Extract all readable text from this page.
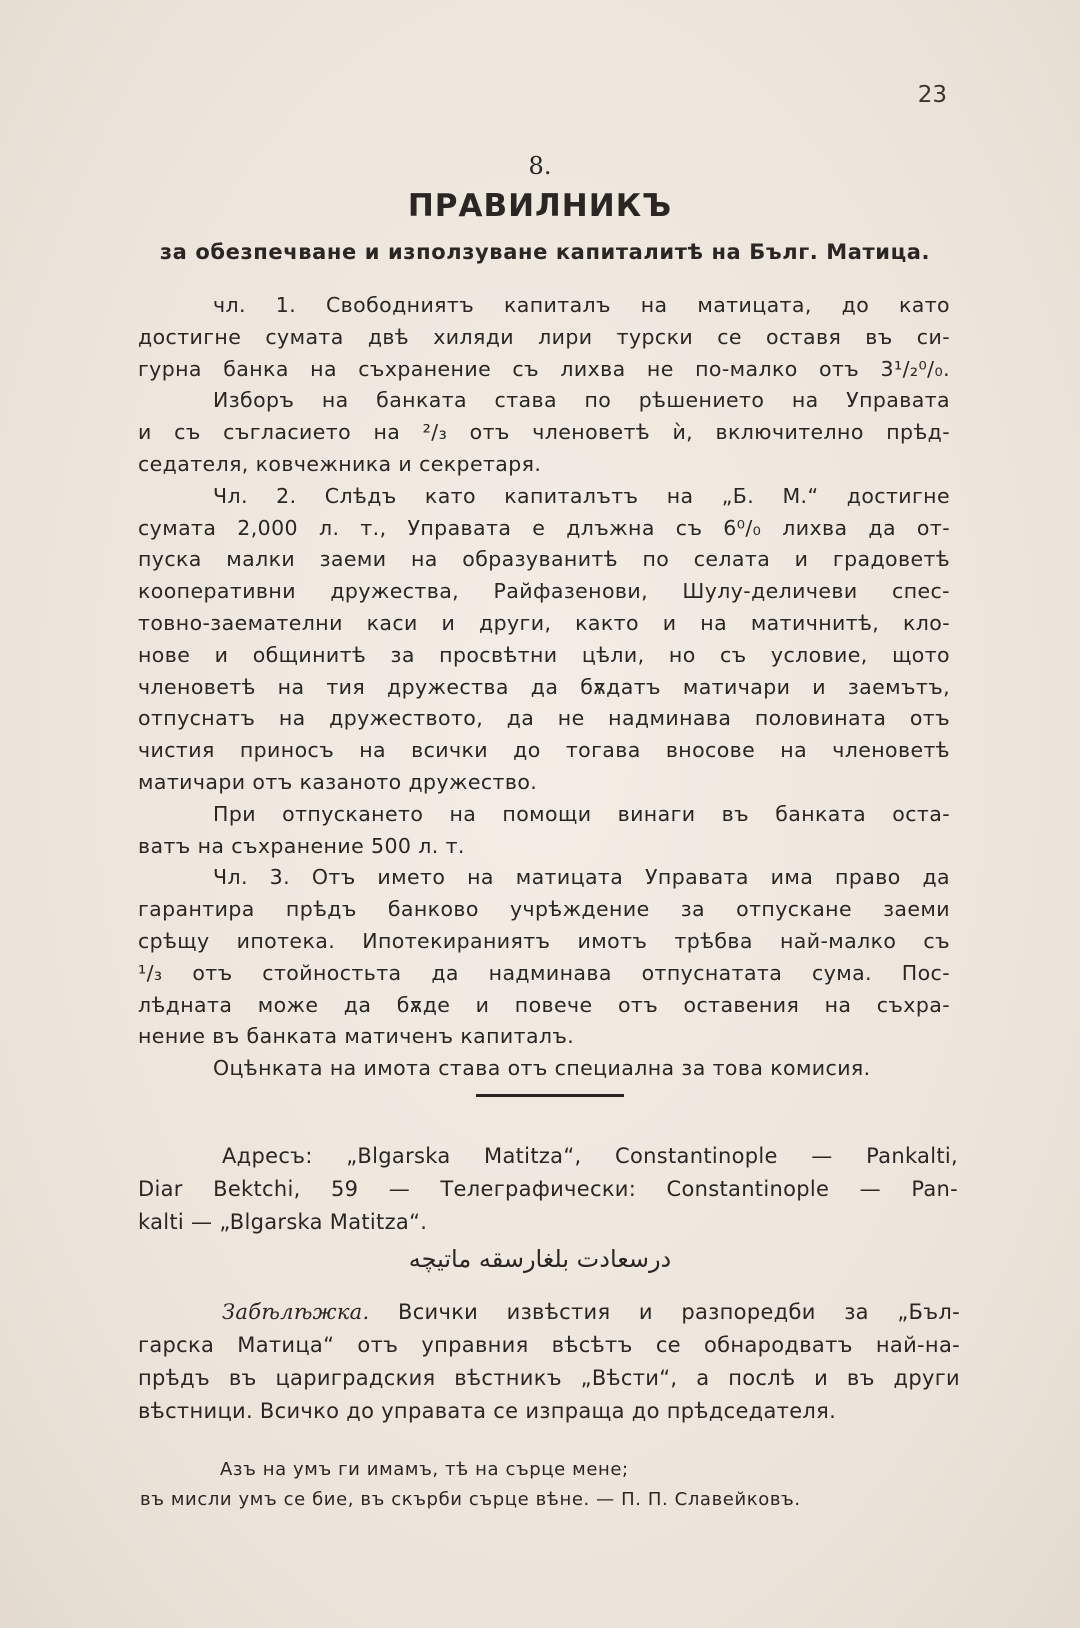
23
8.
ПРАВИЛНИКЪ
за обезпечване и използуване капиталитѣ на Бълг. Матица.
чл. 1. Свободниятъ капиталъ на матицата, до като
достигне сумата двѣ хиляди лири турски се оставя въ си-
гурна банка на съхранение съ лихва не по-малко отъ 3¹/₂⁰/₀.
Изборъ на банката става по рѣшението на Управата
и съ съгласието на ²/₃ отъ членоветѣ ѝ, включително прѣд-
седателя, ковчежника и секретаря.
Чл. 2. Слѣдъ като капиталътъ на „Б. М.“ достигне
сумата 2,000 л. т., Управата е длъжна съ 6⁰/₀ лихва да от-
пуска малки заеми на образуванитѣ по селата и градоветѣ
кооперативни дружества, Райфазенови, Шулу-деличеви спес-
товно-заемателни каси и други, както и на матичнитѣ, кло-
нове и общинитѣ за просвѣтни цѣли, но съ условие, щото
членоветѣ на тия дружества да бѫдатъ матичари и заемътъ,
отпуснатъ на дружеството, да не надминава половината отъ
чистия приносъ на всички до тогава вносове на членоветѣ
матичари отъ казаното дружество.
При отпускането на помощи винаги въ банката оста-
ватъ на съхранение 500 л. т.
Чл. 3. Отъ името на матицата Управата има право да
гарантира прѣдъ банково учрѣждение за отпускане заеми
срѣщу ипотека. Ипотекираниятъ имотъ трѣбва най-малко съ
¹/₃ отъ стойностьта да надминава отпуснатата сума. Пос-
лѣдната може да бѫде и повече отъ оставения на съхра-
нение въ банката матиченъ капиталъ.
Оцѣнката на имота става отъ специална за това комисия.
Адресъ: „Blgarska Matitza“, Constantinople — Pankalti,
Diar Bektchi, 59 — Телеграфически: Constantinople — Pan-
kalti — „Blgarska Matitza“.
درسعادت بلغارسقه ماتيچه
Забѣлѣжка. Всички извѣстия и разпоредби за „Бъл-
гарска Матица“ отъ управния вѣсѣтъ се обнародватъ най-на-
прѣдъ въ цариградския вѣстникъ „Вѣсти“, а послѣ и въ други
вѣстници. Всичко до управата се изпраща до прѣдседателя.
Азъ на умъ ги имамъ, тѣ на сърце мене;
въ мисли умъ се бие, въ скърби сърце вѣне. — П. П. Славейковъ.
